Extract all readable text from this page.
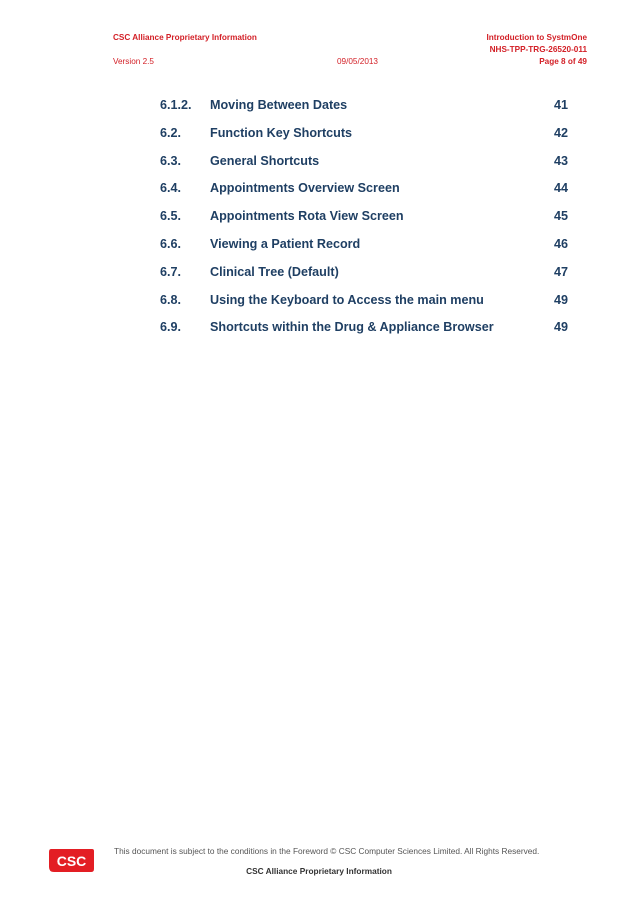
CSC Alliance Proprietary Information
Version 2.5	09/05/2013
Introduction to SystmOne
NHS-TPP-TRG-26520-011
Page 8 of 49
6.1.2. Moving Between Dates	41
6.2. Function Key Shortcuts	42
6.3. General Shortcuts	43
6.4. Appointments Overview Screen	44
6.5. Appointments Rota View Screen	45
6.6. Viewing a Patient Record	46
6.7. Clinical Tree (Default)	47
6.8. Using the Keyboard to Access the main menu	49
6.9. Shortcuts within the Drug & Appliance Browser	49
CSC
This document is subject to the conditions in the Foreword © CSC Computer Sciences Limited. All Rights Reserved.
CSC Alliance Proprietary Information
